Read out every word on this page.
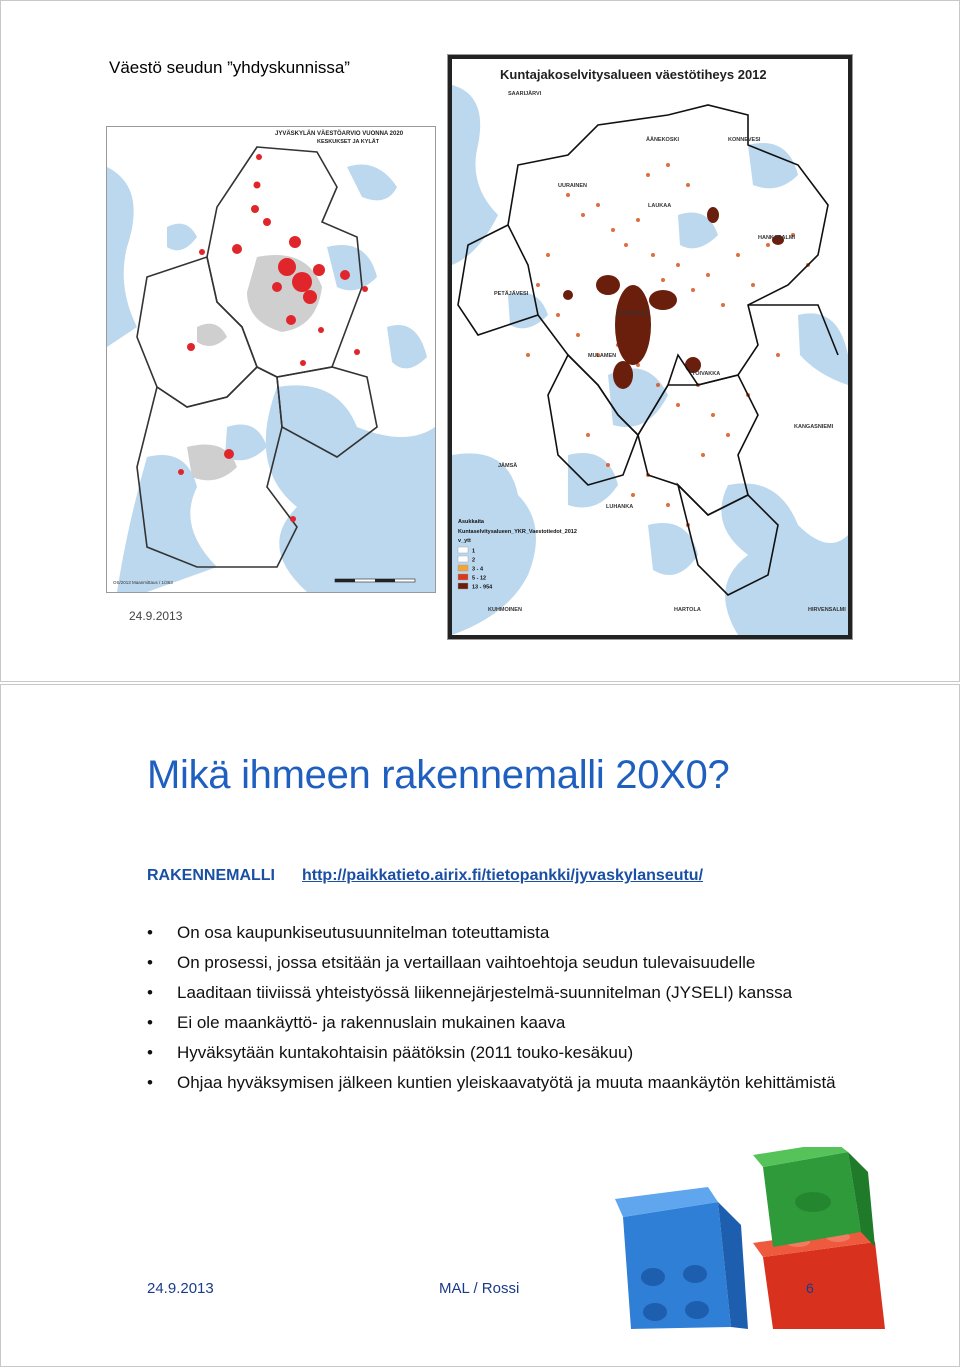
Väestö seudun ”yhdyskunnissa”
JYVÄSKYLÄN VÄESTÖARVIO VUONNA 2020
KESKUKSET JA KYLÄT
OS/2013 Maanmittaus / 1/363
Kuntajakoselvitysalueen väestötiheys 2012
SAARIJÄRVI
ÄÄNEKOSKI	KONNEVESI
UURAINEN
LAUKAA
HANKASALMI
PETÄJÄVESI
JYVÄSKYLÄ
MULAMEN
TOIVAKKA
KANGASNIEMI
JÄMSÄ
LUHANKA
HIRVENSALMI
HARTOLA
KUHMOINEN
Asukkaita
Kuntaselvitysalueen_YKR_Vaestotiedot_2012
v_ytt
1
2
3 - 4
5 - 12
13 - 954
24.9.2013
Mikä ihmeen rakennemalli 20X0?
RAKENNEMALLI http://paikkatieto.airix.fi/tietopankki/jyvaskylanseutu/
• On osa kaupunkiseutusuunnitelman toteuttamista
• On prosessi, jossa etsitään ja vertaillaan vaihtoehtoja seudun tulevaisuudelle
• Laaditaan tiiviissä yhteistyössä liikennejärjestelmä-suunnitelman (JYSELI) kanssa
• Ei ole maankäyttö- ja rakennuslain mukainen kaava
• Hyväksytään kuntakohtaisin päätöksin (2011 touko-kesäkuu)
• Ohjaa hyväksymisen jälkeen kuntien yleiskaavatyötä ja muuta maankäytön kehittämistä
24.9.2013	MAL / Rossi	6
